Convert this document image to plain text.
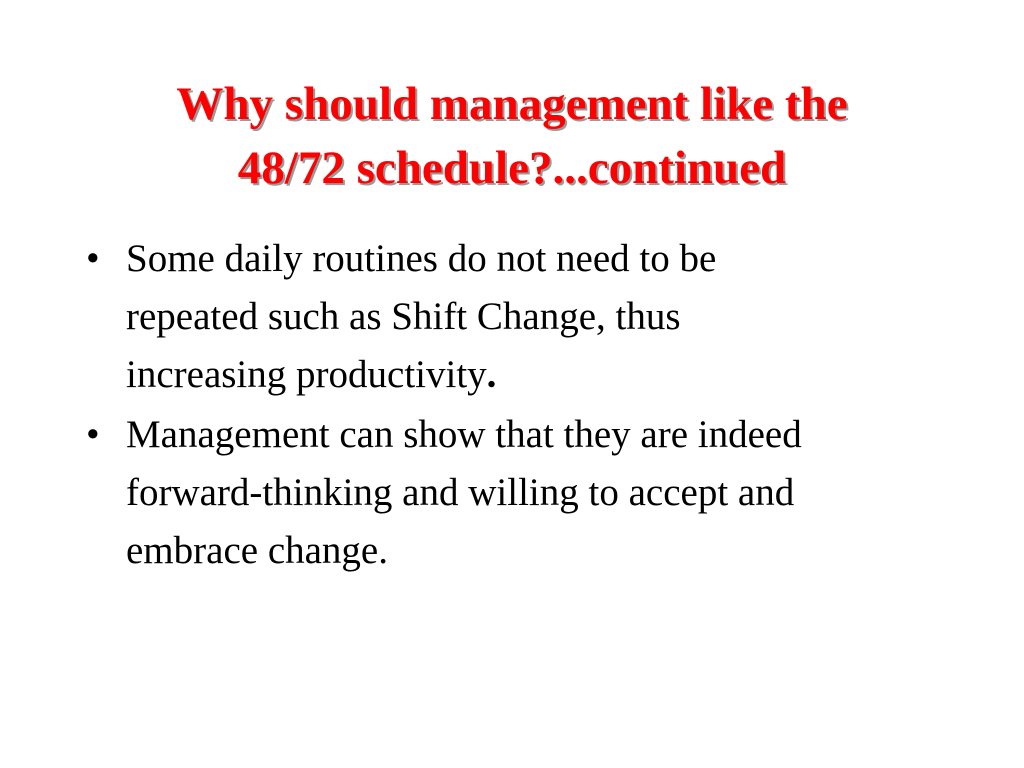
Why should management like the
48/72 schedule?...continued
• Some daily routines do not need to be
repeated such as Shift Change, thus
increasing productivity.
• Management can show that they are indeed
forward-thinking and willing to accept and
embrace change.
